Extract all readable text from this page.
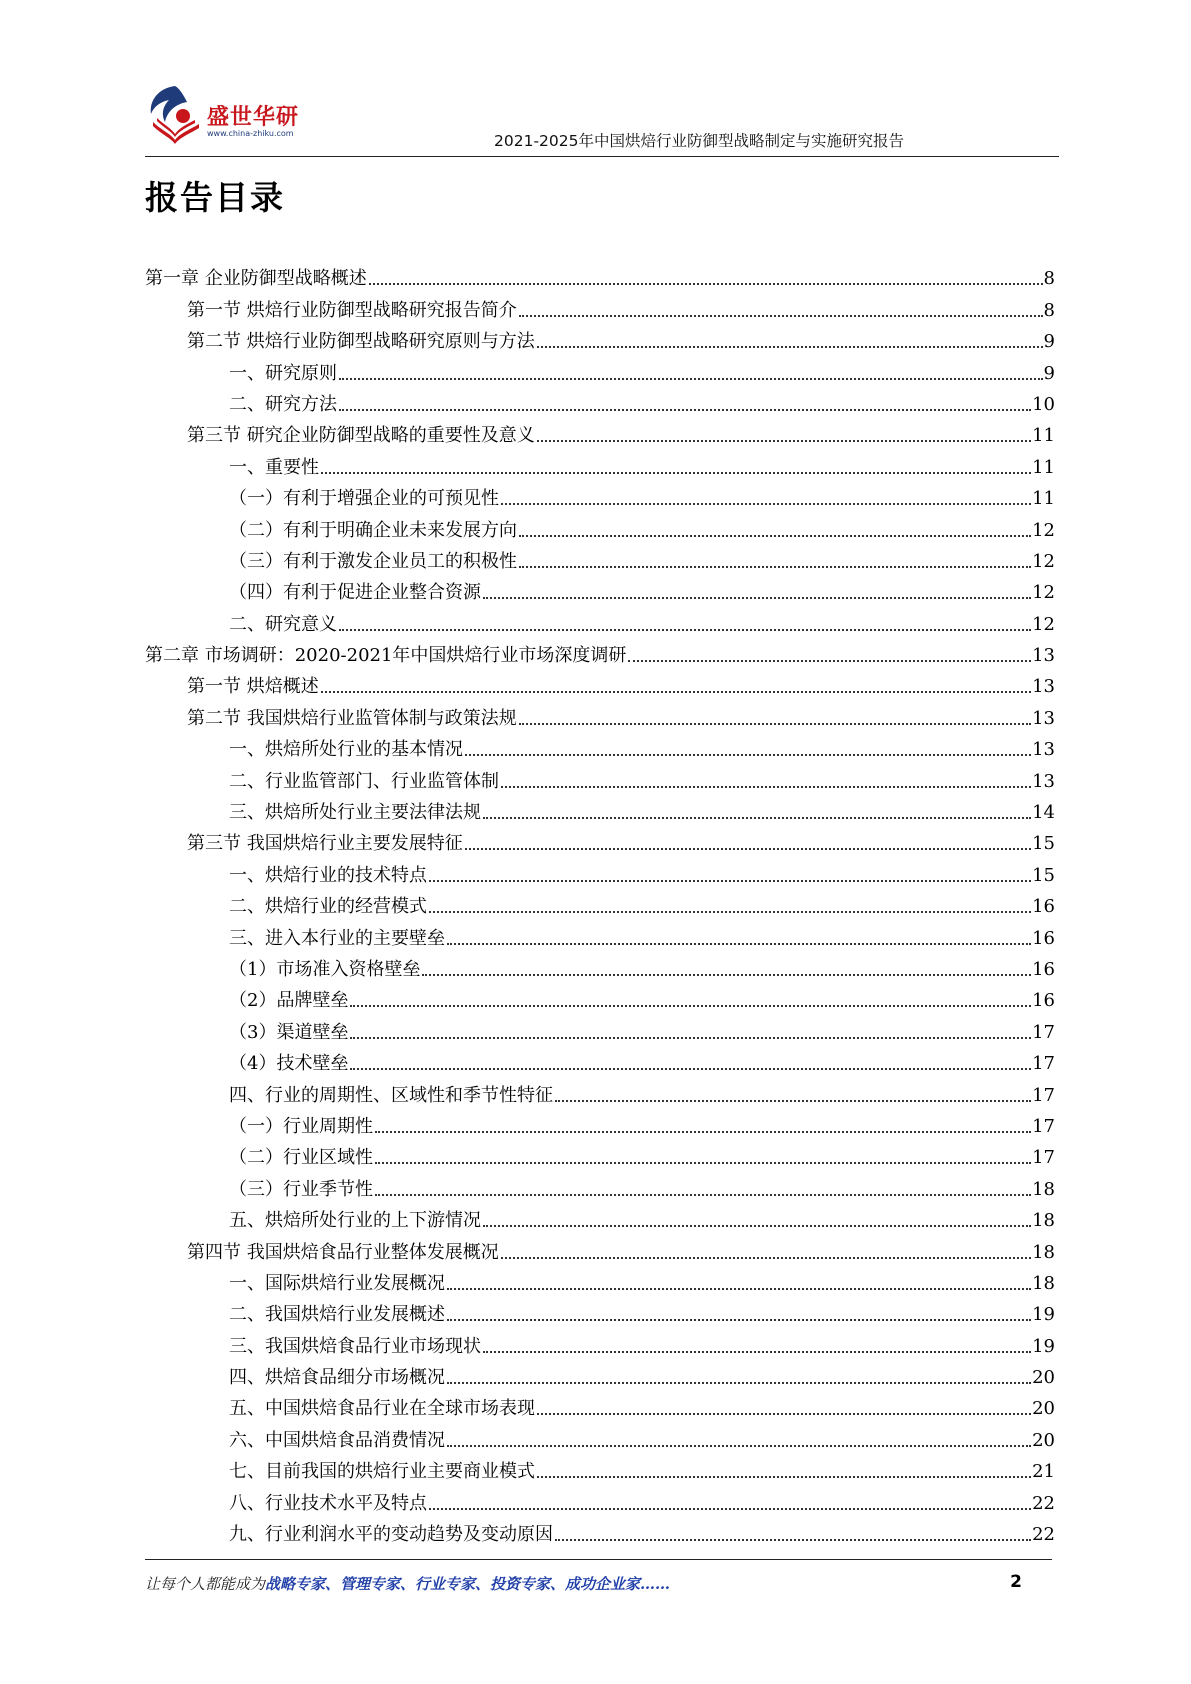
盛世华研
www.china-zhiku.com	2021-2025年中国烘焙行业防御型战略制定与实施研究报告
报告目录
第一章 企业防御型战略概述	8
第一节 烘焙行业防御型战略研究报告简介	8
第二节 烘焙行业防御型战略研究原则与方法	9
一、研究原则	9
二、研究方法	10
第三节 研究企业防御型战略的重要性及意义	11
一、重要性	11
（一）有利于增强企业的可预见性	11
（二）有利于明确企业未来发展方向	12
（三）有利于激发企业员工的积极性	12
（四）有利于促进企业整合资源	12
二、研究意义	12
第二章 市场调研：2020-2021年中国烘焙行业市场深度调研	13
第一节 烘焙概述	13
第二节 我国烘焙行业监管体制与政策法规	13
一、烘焙所处行业的基本情况	13
二、行业监管部门、行业监管体制	13
三、烘焙所处行业主要法律法规	14
第三节 我国烘焙行业主要发展特征	15
一、烘焙行业的技术特点	15
二、烘焙行业的经营模式	16
三、进入本行业的主要壁垒	16
（1）市场准入资格壁垒	16
（2）品牌壁垒	16
（3）渠道壁垒	17
（4）技术壁垒	17
四、行业的周期性、区域性和季节性特征	17
（一）行业周期性	17
（二）行业区域性	17
（三）行业季节性	18
五、烘焙所处行业的上下游情况	18
第四节 我国烘焙食品行业整体发展概况	18
一、国际烘焙行业发展概况	18
二、我国烘焙行业发展概述	19
三、我国烘焙食品行业市场现状	19
四、烘焙食品细分市场概况	20
五、中国烘焙食品行业在全球市场表现	20
六、中国烘焙食品消费情况	20
七、目前我国的烘焙行业主要商业模式	21
八、行业技术水平及特点	22
九、行业利润水平的变动趋势及变动原因	22
让每个人都能成为战略专家、管理专家、行业专家、投资专家、成功企业家……	2
